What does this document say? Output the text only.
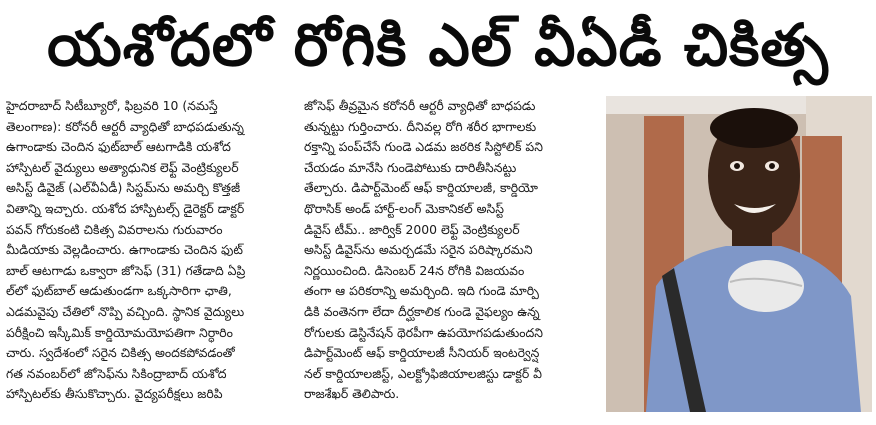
యశోదలో రోగికి ఎల్ వీఏడీ చికిత్స
హైదరాబాద్ సిటీబ్యూరో, ఫిబ్రవరి 10 (నమస్తే
తెలంగాణ): కరోనరీ ఆర్టరీ వ్యాధితో బాధపడుతున్న
ఉగాండాకు చెందిన ఫుట్‌బాల్ ఆటగాడికి యశోద
హాస్పిటల్ వైద్యులు అత్యాధునిక లెఫ్ట్ వెంట్రిక్యులర్
అసిస్ట్ డివైజ్ (ఎల్‌వీఏడీ) సిస్టమ్‌ను అమర్చి కొత్తజీ
వితాన్ని ఇచ్చారు. యశోద హాస్పిటల్స్ డైరెక్టర్ డాక్టర్
పవన్ గోరుకంటి చికిత్స వివరాలను గురువారం
మీడియాకు వెల్లడించారు. ఉగాండాకు చెందిన ఫుట్
బాల్ ఆటగాడు ఒక్వారా జోసెఫ్ (31) గతేడాది ఏప్రి
ల్‌లో ఫుట్‌బాల్ ఆడుతుండగా ఒక్కసారిగా ఛాతి,
ఎడమవైపు చేతిలో నొప్పి వచ్చింది. స్థానిక వైద్యులు
పరీక్షించి ఇస్కీమిక్ కార్డియోమయోపతిగా నిర్ధారిం
చారు. స్వదేశంలో సరైన చికిత్స అందకపోవడంతో
గత నవంబర్‌లో జోసెఫ్‌ను సికింద్రాబాద్ యశోద
హాస్పిటల్‌కు తీసుకొచ్చారు. వైద్యపరీక్షలు జరిపి
జోసెఫ్ తీవ్రమైన కరోనరీ ఆర్టరీ వ్యాధితో బాధపడు
తున్నట్టు గుర్తించారు. దీనివల్ల రోగి శరీర భాగాలకు
రక్తాన్ని పంప్‌చేసే గుండె ఎడమ జఠరిక సిస్టోలిక్ పని
చేయడం మానేసి గుండెపోటుకు దారితీసినట్టు
తేల్చారు. డిపార్ట్‌మెంట్ ఆఫ్ కార్డియాలజీ, కార్డియో
థొరాసిక్ అండ్ హార్ట్-లంగ్ మెకానికల్ అసిస్ట్
డివైస్ టీమ్.. జార్విక్ 2000 లెఫ్ట్ వెంట్రిక్యులర్
అసిస్ట్ డివైస్‌ను అమర్చడమే సరైన పరిష్కారమని
నిర్ణయించింది. డిసెంబర్ 24న రోగికి విజయవం
తంగా ఆ పరికరాన్ని అమర్చింది. ఇది గుండె మార్పి
డికి వంతెనగా లేదా దీర్ఘకాలిక గుండె వైఫల్యం ఉన్న
రోగులకు డెస్టినేషన్ థెరపీగా ఉపయోగపడుతుందని
డిపార్ట్‌మెంట్ ఆఫ్ కార్డియాలజీ సీనియర్ ఇంటర్వెన్ష
నల్ కార్డియాలజిస్ట్, ఎలక్ట్రోఫిజియాలజిస్టు డాక్టర్ వీ
రాజశేఖర్ తెలిపారు.
